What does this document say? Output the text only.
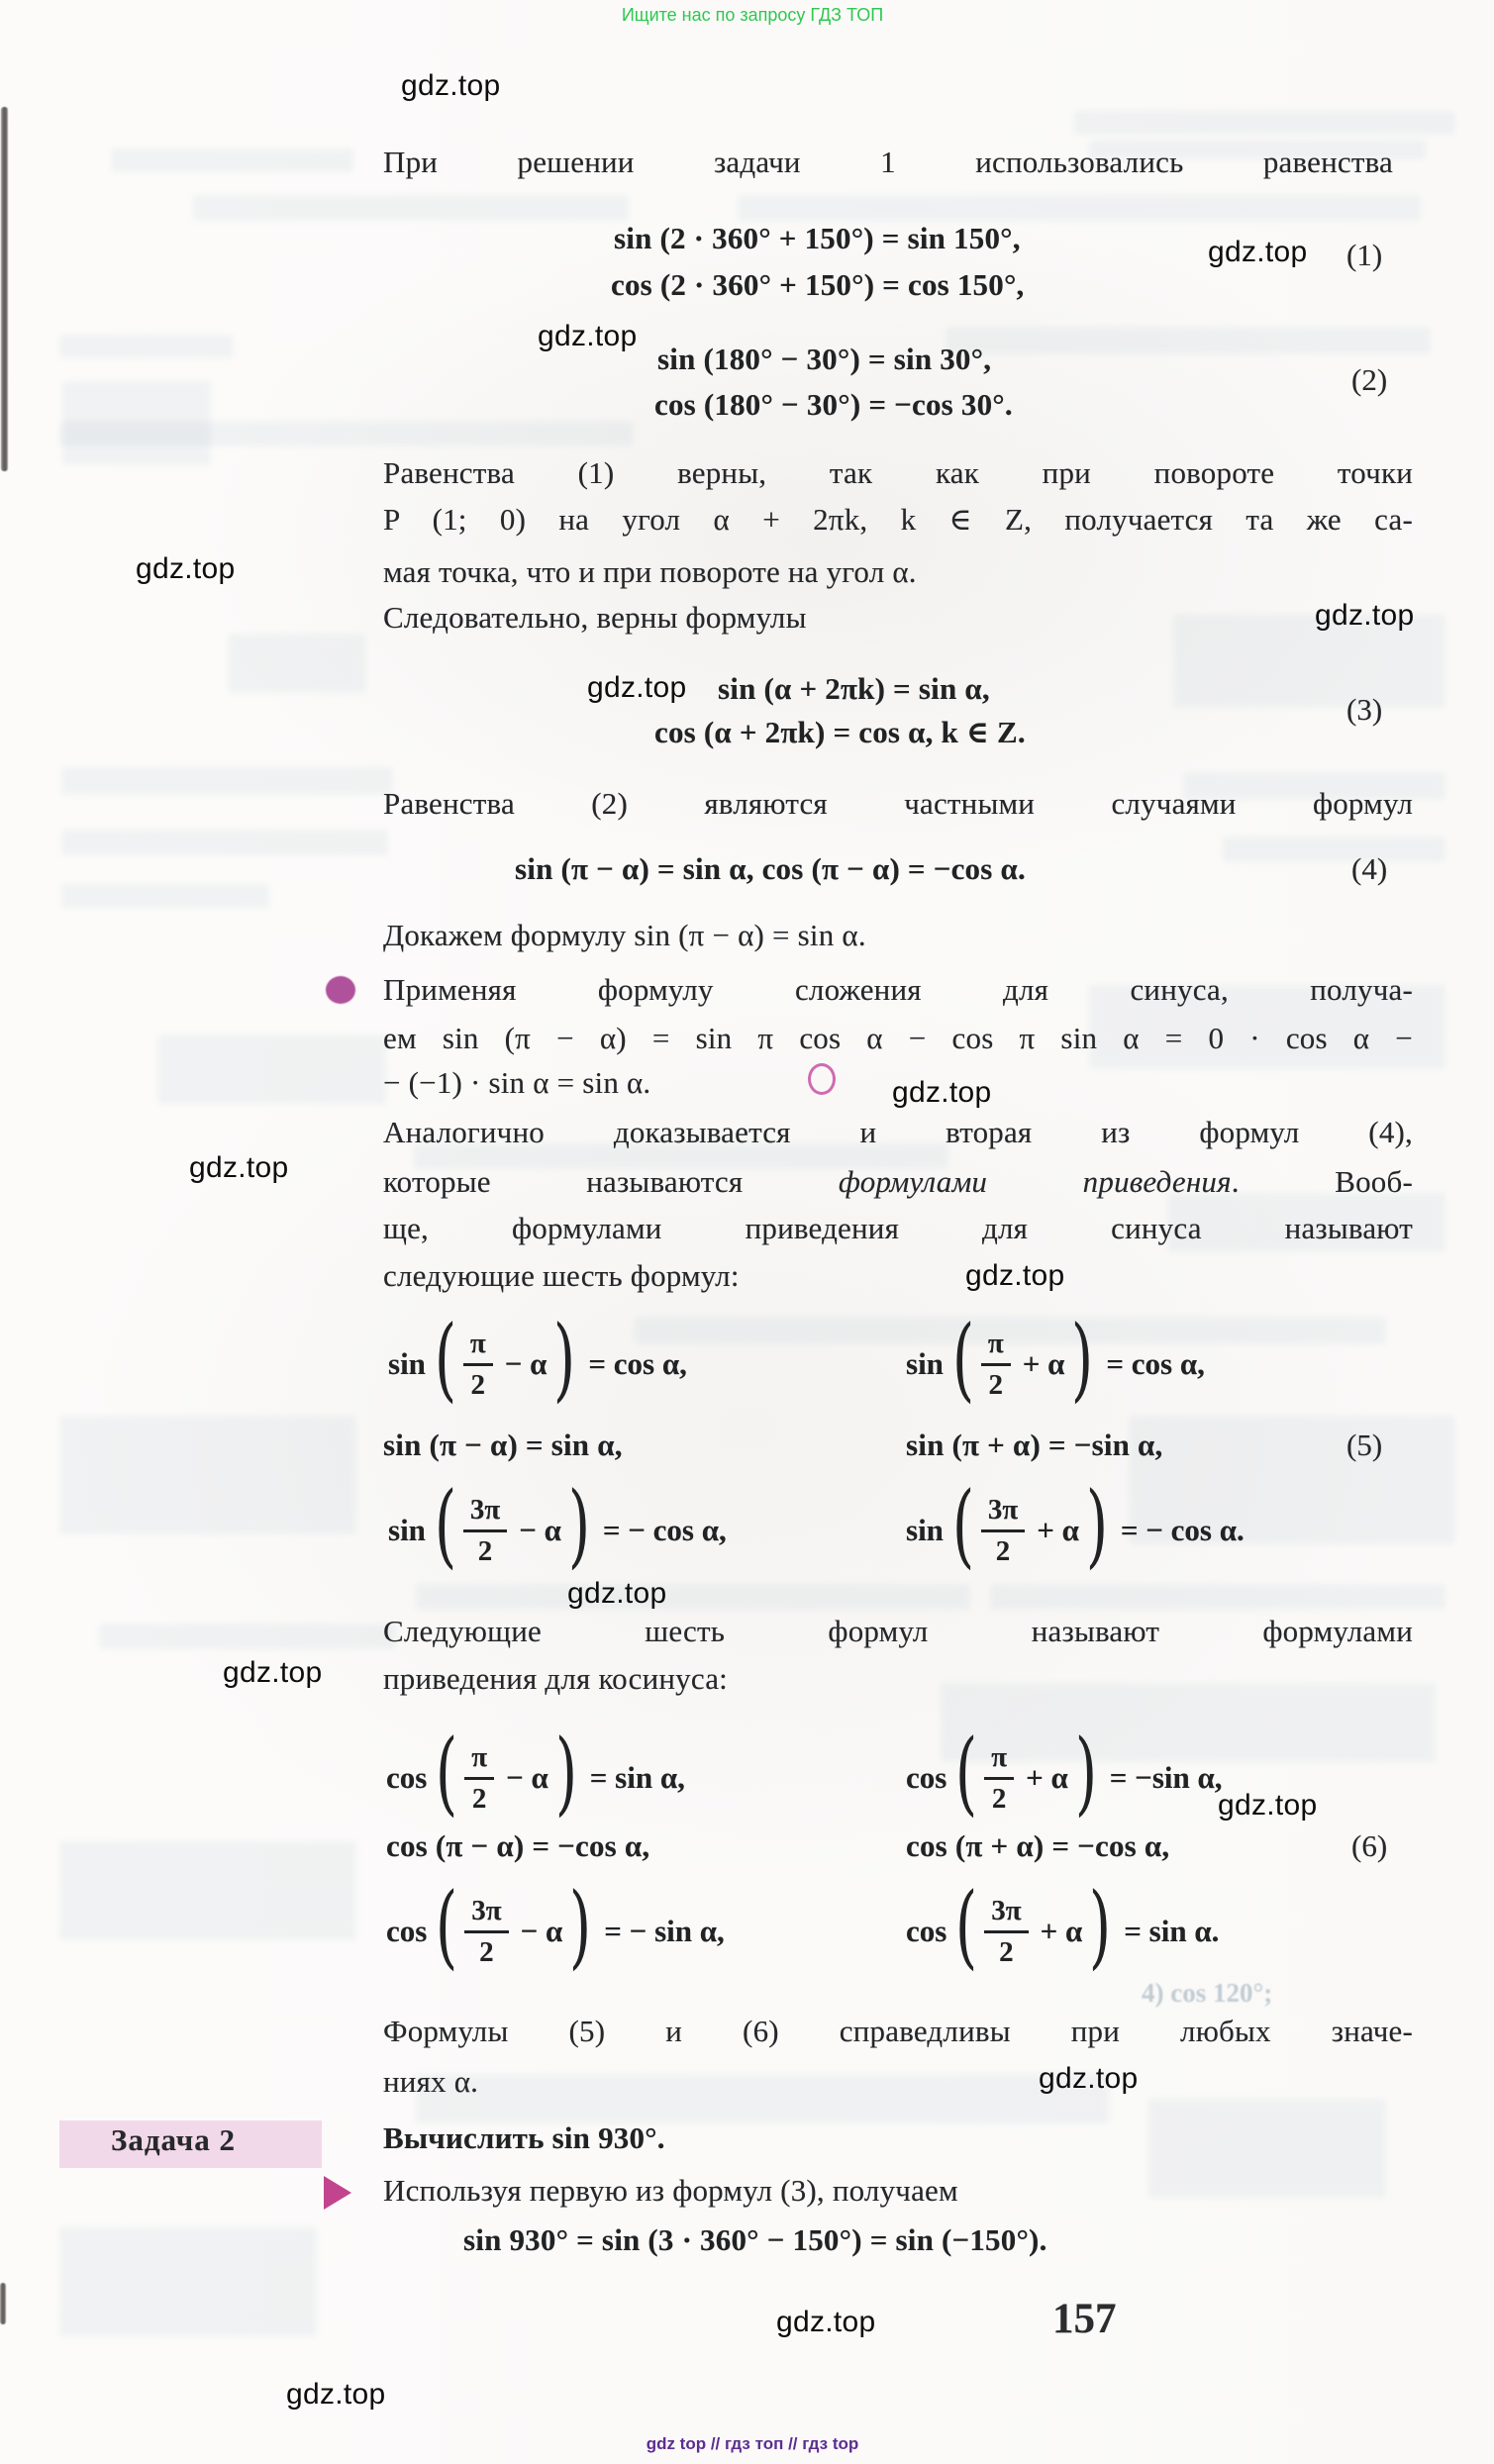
4) cos 120°;
Ищите нас по запросу ГДЗ ТОП
gdz top // гдз топ // гдз top
gdz.top
gdz.top
gdz.top
gdz.top
gdz.top
gdz.top
gdz.top
gdz.top
gdz.top
gdz.top
gdz.top
gdz.top
gdz.top
gdz.top
gdz.top
При решении задачи 1 использовались равенства
sin (2 · 360° + 150°) = sin 150°,
cos (2 · 360° + 150°) = cos 150°,
(1)
sin (180° − 30°) = sin 30°,
cos (180° − 30°) = −cos 30°.
(2)
Равенства (1) верны, так как при повороте точки
P (1; 0) на угол α + 2πk, k ∈ Z, получается та же са-
мая точка, что и при повороте на угол α.
Следовательно, верны формулы
sin (α + 2πk) = sin α,
cos (α + 2πk) = cos α, k ∈ Z.
(3)
Равенства (2) являются частными случаями формул
sin (π − α) = sin α, cos (π − α) = −cos α.	(4)
Докажем формулу sin (π − α) = sin α.
Применяя формулу сложения для синуса, получа-
ем sin (π − α) = sin π cos α − cos π sin α = 0 · cos α −
− (−1) · sin α = sin α.
Аналогично доказывается и вторая из формул (4),
которые называются формулами приведения. Вооб-
ще, формулами приведения для синуса называют
следующие шесть формул:
sin ( $\frac{\pi}{2} - \alpha$ ) = cos α,	sin ( $\frac{\pi}{2} + \alpha$ ) = cos α,
sin (π − α) = sin α,	sin (π + α) = −sin α,	(5)
sin ( $\frac{3\pi}{2} - \alpha$ ) = − cos α,	sin ( $\frac{3\pi}{2} + \alpha$ ) = − cos α.
Следующие шесть формул называют формулами
приведения для косинуса:
cos ( $\frac{\pi}{2} - \alpha$ ) = sin α,	cos ( $\frac{\pi}{2} + \alpha$ ) = −sin α,
cos (π − α) = −cos α,	cos (π + α) = −cos α,	(6)
cos ( $\frac{3\pi}{2} - \alpha$ ) = − sin α,	cos ( $\frac{3\pi}{2} + \alpha$ ) = sin α.
Формулы (5) и (6) справедливы при любых значе-
ниях α.
Задача 2	Вычислить sin 930°.
Используя первую из формул (3), получаем
sin 930° = sin (3 · 360° − 150°) = sin (−150°).
157
